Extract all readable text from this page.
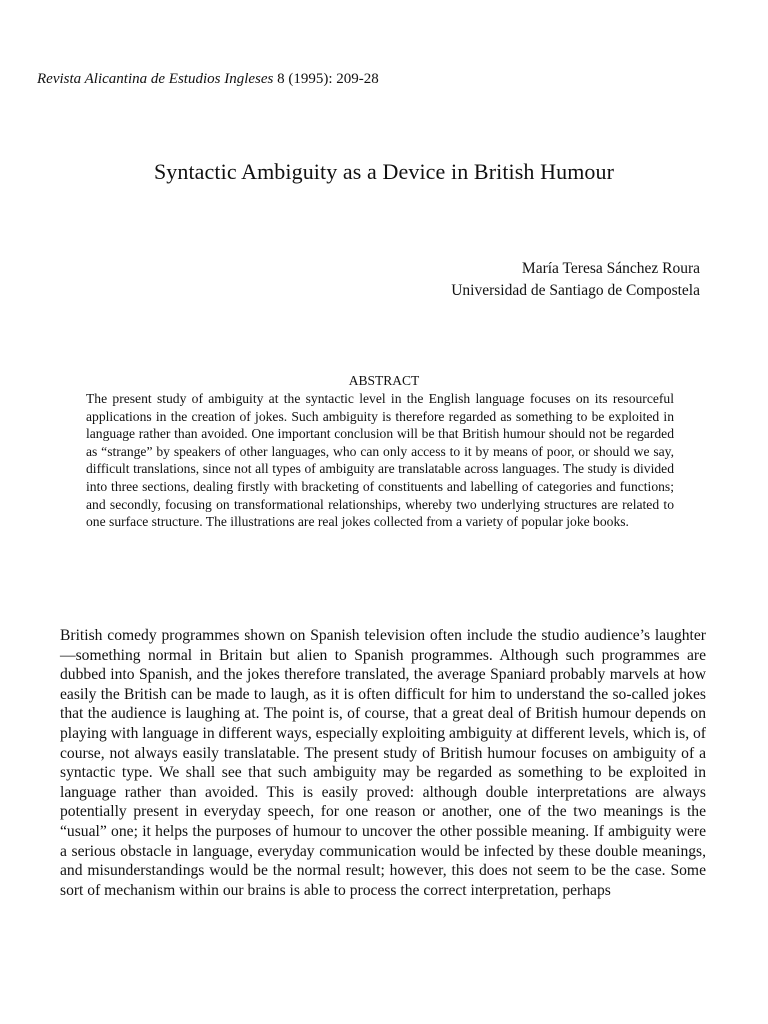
Revista Alicantina de Estudios Ingleses 8 (1995): 209-28
Syntactic Ambiguity as a Device in British Humour
María Teresa Sánchez Roura
Universidad de Santiago de Compostela
ABSTRACT

The present study of ambiguity at the syntactic level in the English language focuses on its resourceful applications in the creation of jokes. Such ambiguity is therefore regarded as something to be exploited in language rather than avoided. One important conclusion will be that British humour should not be regarded as “strange” by speakers of other languages, who can only access to it by means of poor, or should we say, difficult translations, since not all types of ambiguity are translatable across languages. The study is divided into three sections, dealing firstly with bracketing of constituents and labelling of categories and functions; and secondly, focusing on transformational relationships, whereby two underlying structures are related to one surface structure. The illustrations are real jokes collected from a variety of popular joke books.

British comedy programmes shown on Spanish television often include the studio audience’s laughter—something normal in Britain but alien to Spanish programmes. Although such programmes are dubbed into Spanish, and the jokes therefore translated, the average Spaniard probably marvels at how easily the British can be made to laugh, as it is often difficult for him to understand the so-called jokes that the audience is laughing at. The point is, of course, that a great deal of British humour depends on playing with language in different ways, especially exploiting ambiguity at different levels, which is, of course, not always easily translatable. The present study of British humour focuses on ambiguity of a syntactic type. We shall see that such ambiguity may be regarded as something to be exploited in language rather than avoided. This is easily proved: although double interpretations are always potentially present in everyday speech, for one reason or another, one of the two meanings is the “usual” one; it helps the purposes of humour to uncover the other possible meaning. If ambiguity were a serious obstacle in language, everyday communication would be infected by these double meanings, and misunderstandings would be the normal result; however, this does not seem to be the case. Some sort of mechanism within our brains is able to process the correct interpretation, perhaps
